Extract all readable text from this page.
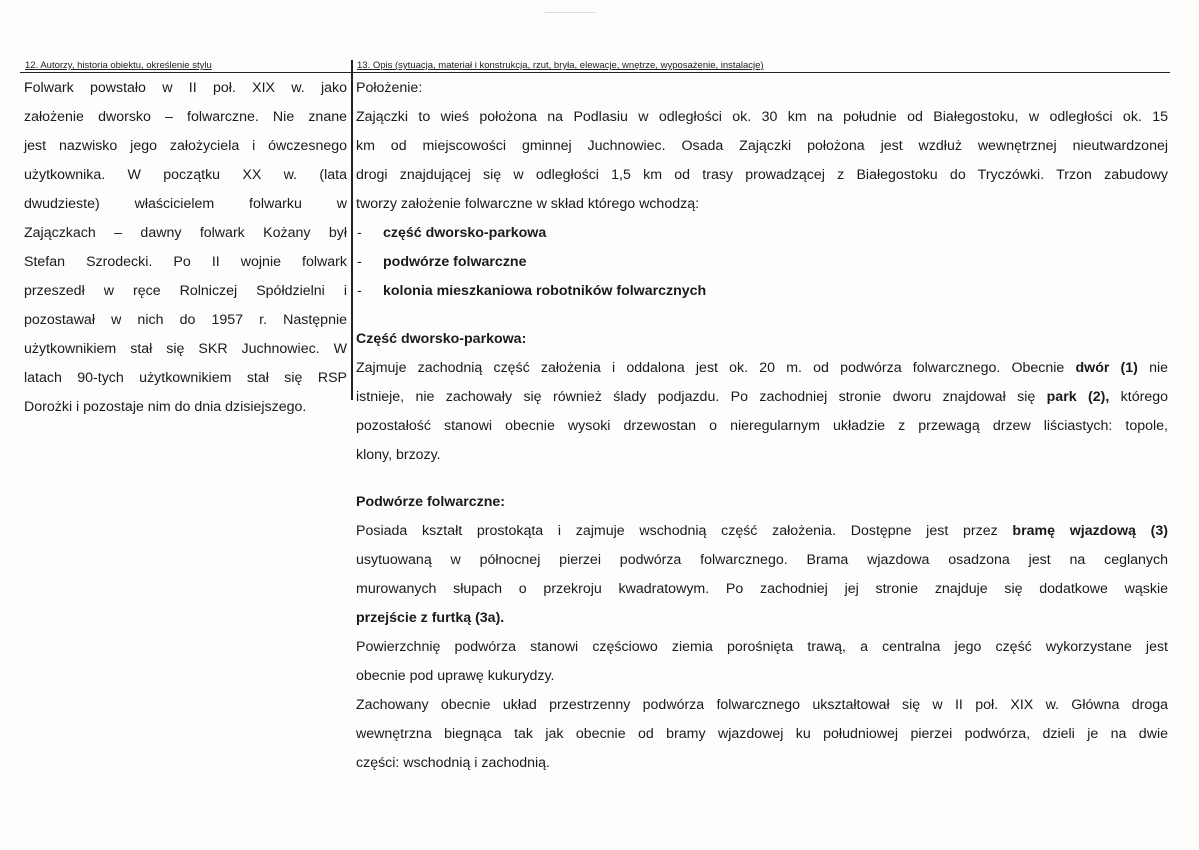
12. Autorzy, historia obiektu, określenie stylu	13. Opis (sytuacja, materiał i konstrukcja, rzut, bryła, elewacje, wnętrze, wyposażenie, instalacje)
Folwark powstało w II poł. XIX w. jako
założenie dworsko – folwarczne. Nie znane
jest nazwisko jego założyciela i ówczesnego
użytkownika. W początku XX w. (lata
dwudzieste) właścicielem folwarku w
Zajączkach – dawny folwark Kożany był
Stefan Szrodecki. Po II wojnie folwark
przeszedł w ręce Rolniczej Spółdzielni i
pozostawał w nich do 1957 r. Następnie
użytkownikiem stał się SKR Juchnowiec. W
latach 90-tych użytkownikiem stał się RSP
Dorożki i pozostaje nim do dnia dzisiejszego.
Położenie:
Zajączki to wieś położona na Podlasiu w odległości ok. 30 km na południe od Białegostoku, w odległości ok. 15
km od miejscowości gminnej Juchnowiec. Osada Zajączki położona jest wzdłuż wewnętrznej nieutwardzonej
drogi znajdującej się w odległości 1,5 km od trasy prowadzącej z Białegostoku do Tryczówki. Trzon zabudowy
tworzy założenie folwarczne w skład którego wchodzą:
- część dworsko-parkowa
- podwórze folwarczne
- kolonia mieszkaniowa robotników folwarcznych
Część dworsko-parkowa:
Zajmuje zachodnią część założenia i oddalona jest ok. 20 m. od podwórza folwarcznego. Obecnie dwór (1) nie
istnieje, nie zachowały się również ślady podjazdu. Po zachodniej stronie dworu znajdował się park (2), którego
pozostałość stanowi obecnie wysoki drzewostan o nieregularnym układzie z przewagą drzew liściastych: topole,
klony, brzozy.
Podwórze folwarczne:
Posiada kształt prostokąta i zajmuje wschodnią część założenia. Dostępne jest przez bramę wjazdową (3)
usytuowaną w północnej pierzei podwórza folwarcznego. Brama wjazdowa osadzona jest na ceglanych
murowanych słupach o przekroju kwadratowym. Po zachodniej jej stronie znajduje się dodatkowe wąskie
przejście z furtką (3a).
Powierzchnię podwórza stanowi częściowo ziemia porośnięta trawą, a centralna jego część wykorzystane jest
obecnie pod uprawę kukurydzy.
Zachowany obecnie układ przestrzenny podwórza folwarcznego ukształtował się w II poł. XIX w. Główna droga
wewnętrzna biegnąca tak jak obecnie od bramy wjazdowej ku południowej pierzei podwórza, dzieli je na dwie
części: wschodnią i zachodnią.
